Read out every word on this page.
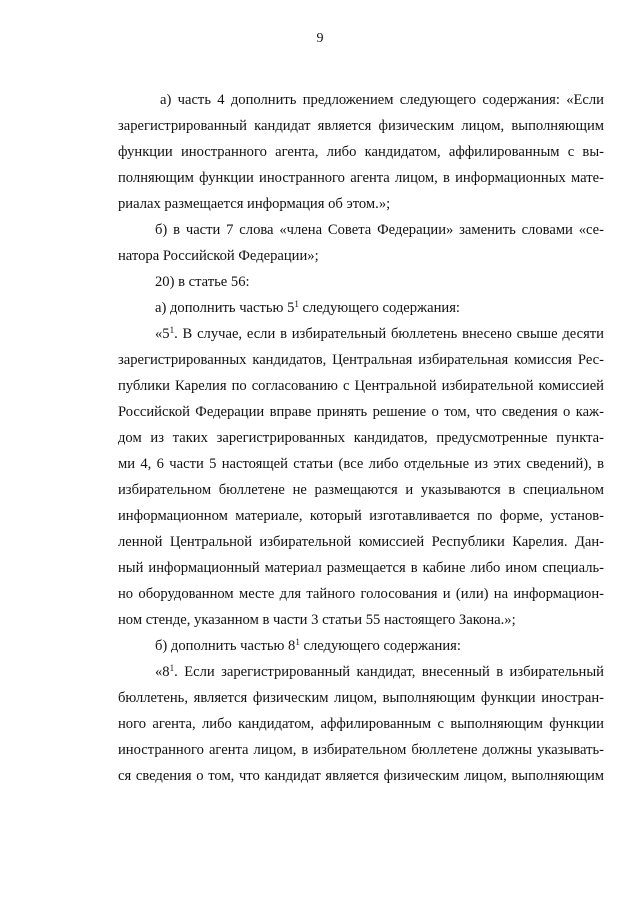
9
а) часть 4 дополнить предложением следующего содержания: «Если
зарегистрированный кандидат является физическим лицом, выполняющим
функции иностранного агента, либо кандидатом, аффилированным с вы-
полняющим функции иностранного агента лицом, в информационных мате-
риалах размещается информация об этом.»;
б) в части 7 слова «члена Совета Федерации» заменить словами «се-
натора Российской Федерации»;
20) в статье 56:
а) дополнить частью $5^1$ следующего содержания:
«$5^1$. В случае, если в избирательный бюллетень внесено свыше десяти
зарегистрированных кандидатов, Центральная избирательная комиссия Рес-
публики Карелия по согласованию с Центральной избирательной комиссией
Российской Федерации вправе принять решение о том, что сведения о каж-
дом из таких зарегистрированных кандидатов, предусмотренные пункта-
ми 4, 6 части 5 настоящей статьи (все либо отдельные из этих сведений), в
избирательном бюллетене не размещаются и указываются в специальном
информационном материале, который изготавливается по форме, установ-
ленной Центральной избирательной комиссией Республики Карелия. Дан-
ный информационный материал размещается в кабине либо ином специаль-
но оборудованном месте для тайного голосования и (или) на информацион-
ном стенде, указанном в части 3 статьи 55 настоящего Закона.»;
б) дополнить частью $8^1$ следующего содержания:
«$8^1$. Если зарегистрированный кандидат, внесенный в избирательный
бюллетень, является физическим лицом, выполняющим функции иностран-
ного агента, либо кандидатом, аффилированным с выполняющим функции
иностранного агента лицом, в избирательном бюллетене должны указывать-
ся сведения о том, что кандидат является физическим лицом, выполняющим
